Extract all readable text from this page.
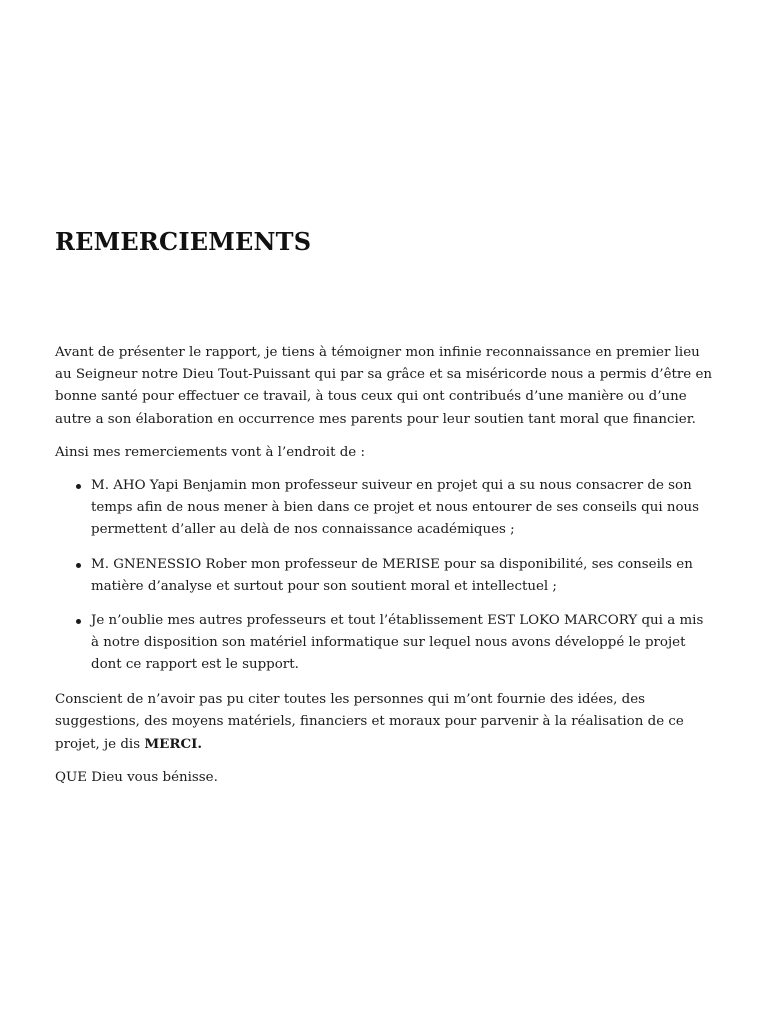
REMERCIEMENTS

Avant de présenter le rapport, je tiens à témoigner mon infinie reconnaissance en premier lieu au Seigneur notre Dieu Tout-Puissant qui par sa grâce et sa miséricorde nous a permis d’être en bonne santé pour effectuer ce travail, à tous ceux qui ont contribués d’une manière ou d’une autre a son élaboration en occurrence mes parents pour leur soutien tant moral que financier.

Ainsi mes remerciements vont à l’endroit de :

M. AHO Yapi Benjamin mon professeur suiveur en projet qui a su nous consacrer de son temps afin de nous mener à bien dans ce projet et nous entourer de ses conseils qui nous permettent d’aller au delà de nos connaissance académiques ;
M. GNENESSIO Rober mon professeur de MERISE pour sa disponibilité, ses conseils en matière d’analyse et surtout pour son soutient moral et intellectuel ;
Je n’oublie mes autres professeurs et tout l’établissement EST LOKO MARCORY qui a mis à notre disposition son matériel informatique sur lequel nous avons développé le projet dont ce rapport est le support.

Conscient de n’avoir pas pu citer toutes les personnes qui m’ont fournie des idées, des suggestions, des moyens matériels, financiers et moraux pour parvenir à la réalisation de ce projet, je dis MERCI.

QUE Dieu vous bénisse.
